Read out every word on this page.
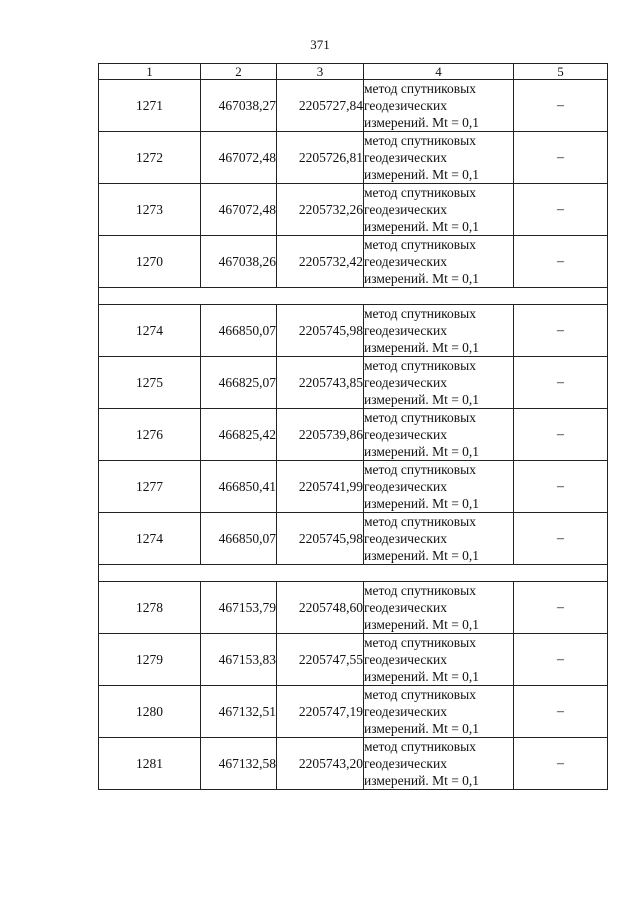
371
1	2	3	4	5
1271	467038,27	2205727,84	метод спутниковых
геодезических
измерений. Mt = 0,1	–
1272	467072,48	2205726,81	метод спутниковых
геодезических
измерений. Mt = 0,1	–
1273	467072,48	2205732,26	метод спутниковых
геодезических
измерений. Mt = 0,1	–
1270	467038,26	2205732,42	метод спутниковых
геодезических
измерений. Mt = 0,1	–

1274	466850,07	2205745,98	метод спутниковых
геодезических
измерений. Mt = 0,1	–
1275	466825,07	2205743,85	метод спутниковых
геодезических
измерений. Mt = 0,1	–
1276	466825,42	2205739,86	метод спутниковых
геодезических
измерений. Mt = 0,1	–
1277	466850,41	2205741,99	метод спутниковых
геодезических
измерений. Mt = 0,1	–
1274	466850,07	2205745,98	метод спутниковых
геодезических
измерений. Mt = 0,1	–

1278	467153,79	2205748,60	метод спутниковых
геодезических
измерений. Mt = 0,1	–
1279	467153,83	2205747,55	метод спутниковых
геодезических
измерений. Mt = 0,1	–
1280	467132,51	2205747,19	метод спутниковых
геодезических
измерений. Mt = 0,1	–
1281	467132,58	2205743,20	метод спутниковых
геодезических
измерений. Mt = 0,1	–
